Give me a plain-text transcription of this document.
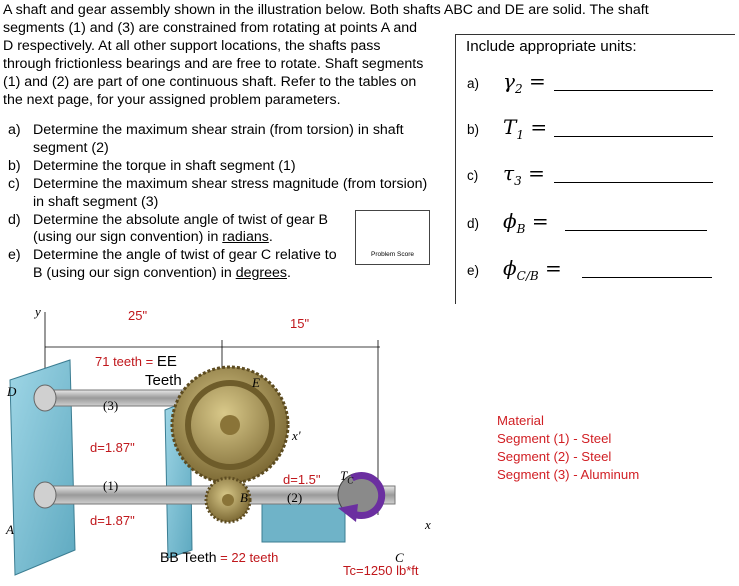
A shaft and gear assembly shown in the illustration below. Both shafts ABC and DE are solid. The shaft
segments (1) and (3) are constrained from rotating at points A and
D respectively. At all other support locations, the shafts pass
through frictionless bearings and are free to rotate. Shaft segments
(1) and (2) are part of one continuous shaft. Refer to the tables on
the next page, for your assigned problem parameters.
a) Determine the maximum shear strain (from torsion) in shaft
segment (2)
b) Determine the torque in shaft segment (1)
c) Determine the maximum shear stress magnitude (from torsion)
in shaft segment (3)
d) Determine the absolute angle of twist of gear B
(using our sign convention) in radians.
e) Determine the angle of twist of gear C relative to
B (using our sign convention) in degrees.
Problem Score
Include appropriate units:
a) $\gamma_2$ =
b) $T_1$ =
c) $\tau_3$ =
d) $\phi_B$ =
e) $\phi_{C/B}$ =
25"
15"
y
71 teeth = EE
Teeth	E
D
(3)
x'
d=1.87"
d=1.5" $T_C$
(1)
B	(2)
d=1.87"	x
A
BB Teeth = 22 teeth	C
Tc=1250 lb*ft
Material
Segment (1) - Steel
Segment (2) - Steel
Segment (3) - Aluminum
